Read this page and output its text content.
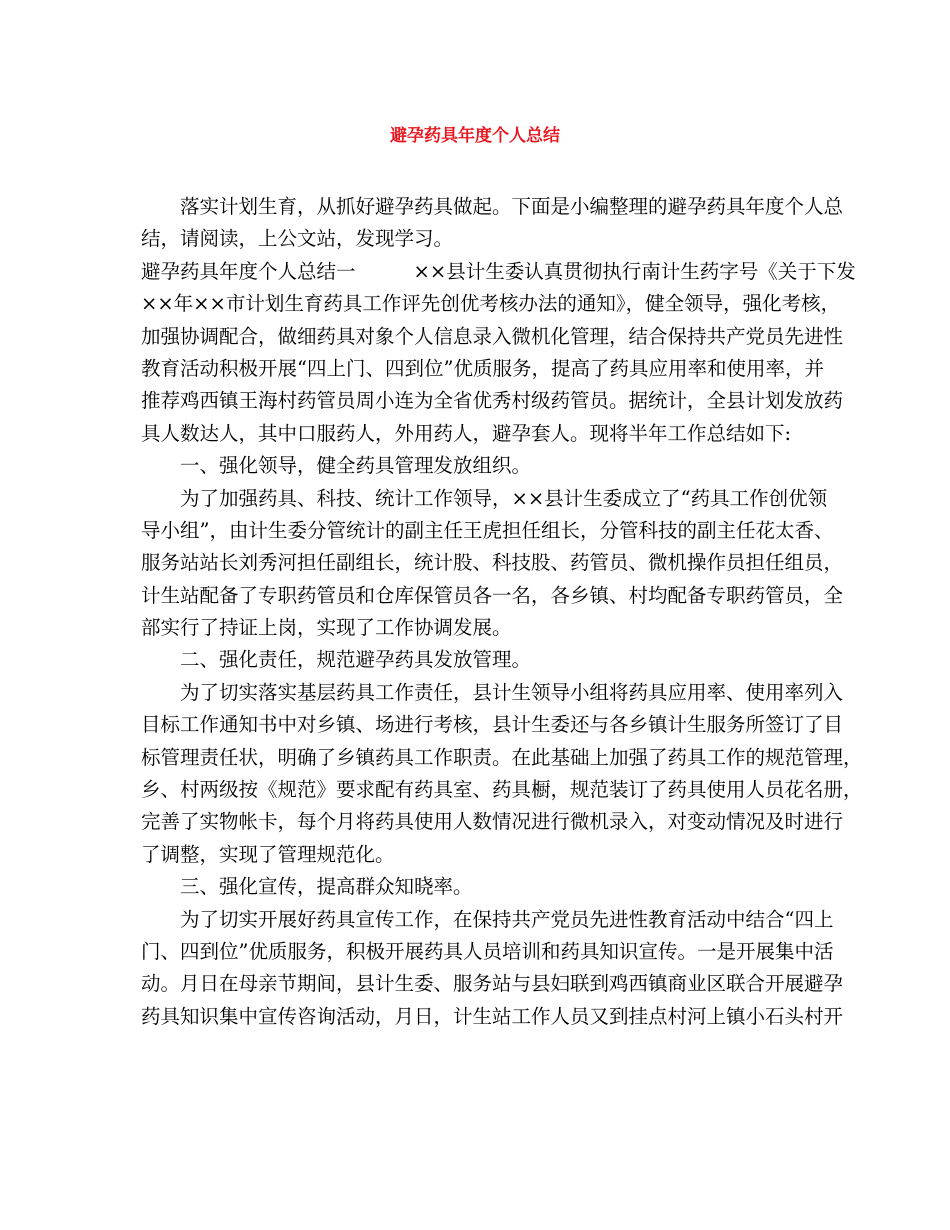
避孕药具年度个人总结
落实计划生育，从抓好避孕药具做起。下面是小编整理的避孕药具年度个人总
结，请阅读，上公文站，发现学习。
避孕药具年度个人总结一	××县计生委认真贯彻执行南计生药字号《关于下发
××年××市计划生育药具工作评先创优考核办法的通知》，健全领导，强化考核，
加强协调配合，做细药具对象个人信息录入微机化管理，结合保持共产党员先进性
教育活动积极开展“四上门、四到位”优质服务，提高了药具应用率和使用率，并
推荐鸡西镇王海村药管员周小连为全省优秀村级药管员。据统计，全县计划发放药
具人数达人，其中口服药人，外用药人，避孕套人。现将半年工作总结如下:
一、强化领导，健全药具管理发放组织。
为了加强药具、科技、统计工作领导，××县计生委成立了“药具工作创优领
导小组”，由计生委分管统计的副主任王虎担任组长，分管科技的副主任花太香、
服务站站长刘秀河担任副组长，统计股、科技股、药管员、微机操作员担任组员，
计生站配备了专职药管员和仓库保管员各一名，各乡镇、村均配备专职药管员，全
部实行了持证上岗，实现了工作协调发展。
二、强化责任，规范避孕药具发放管理。
为了切实落实基层药具工作责任，县计生领导小组将药具应用率、使用率列入
目标工作通知书中对乡镇、场进行考核，县计生委还与各乡镇计生服务所签订了目
标管理责任状，明确了乡镇药具工作职责。在此基础上加强了药具工作的规范管理，
乡、村两级按《规范》要求配有药具室、药具橱，规范装订了药具使用人员花名册，
完善了实物帐卡，每个月将药具使用人数情况进行微机录入，对变动情况及时进行
了调整，实现了管理规范化。
三、强化宣传，提高群众知晓率。
为了切实开展好药具宣传工作，在保持共产党员先进性教育活动中结合“四上
门、四到位”优质服务，积极开展药具人员培训和药具知识宣传。一是开展集中活
动。月日在母亲节期间，县计生委、服务站与县妇联到鸡西镇商业区联合开展避孕
药具知识集中宣传咨询活动，月日，计生站工作人员又到挂点村河上镇小石头村开
